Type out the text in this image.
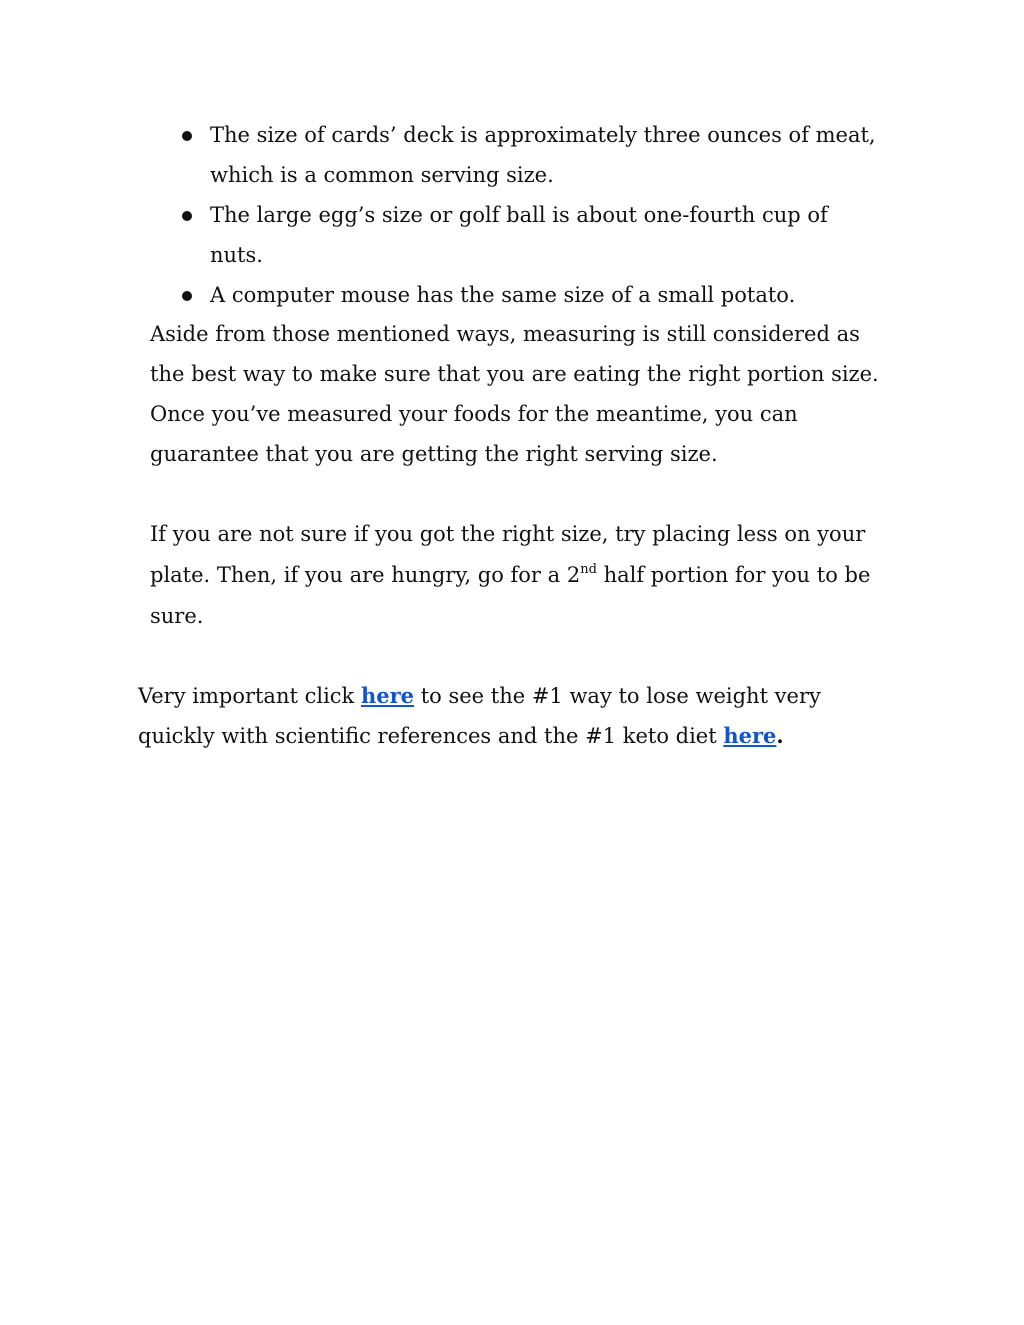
The size of cards’ deck is approximately three ounces of meat, which is a common serving size.
The large egg’s size or golf ball is about one-fourth cup of nuts.
A computer mouse has the same size of a small potato.

Aside from those mentioned ways, measuring is still considered as the best way to make sure that you are eating the right portion size. Once you’ve measured your foods for the meantime, you can guarantee that you are getting the right serving size.

If you are not sure if you got the right size, try placing less on your plate. Then, if you are hungry, go for a 2nd half portion for you to be sure.

Very important click here to see the #1 way to lose weight very quickly with scientific references and the #1 keto diet here.
